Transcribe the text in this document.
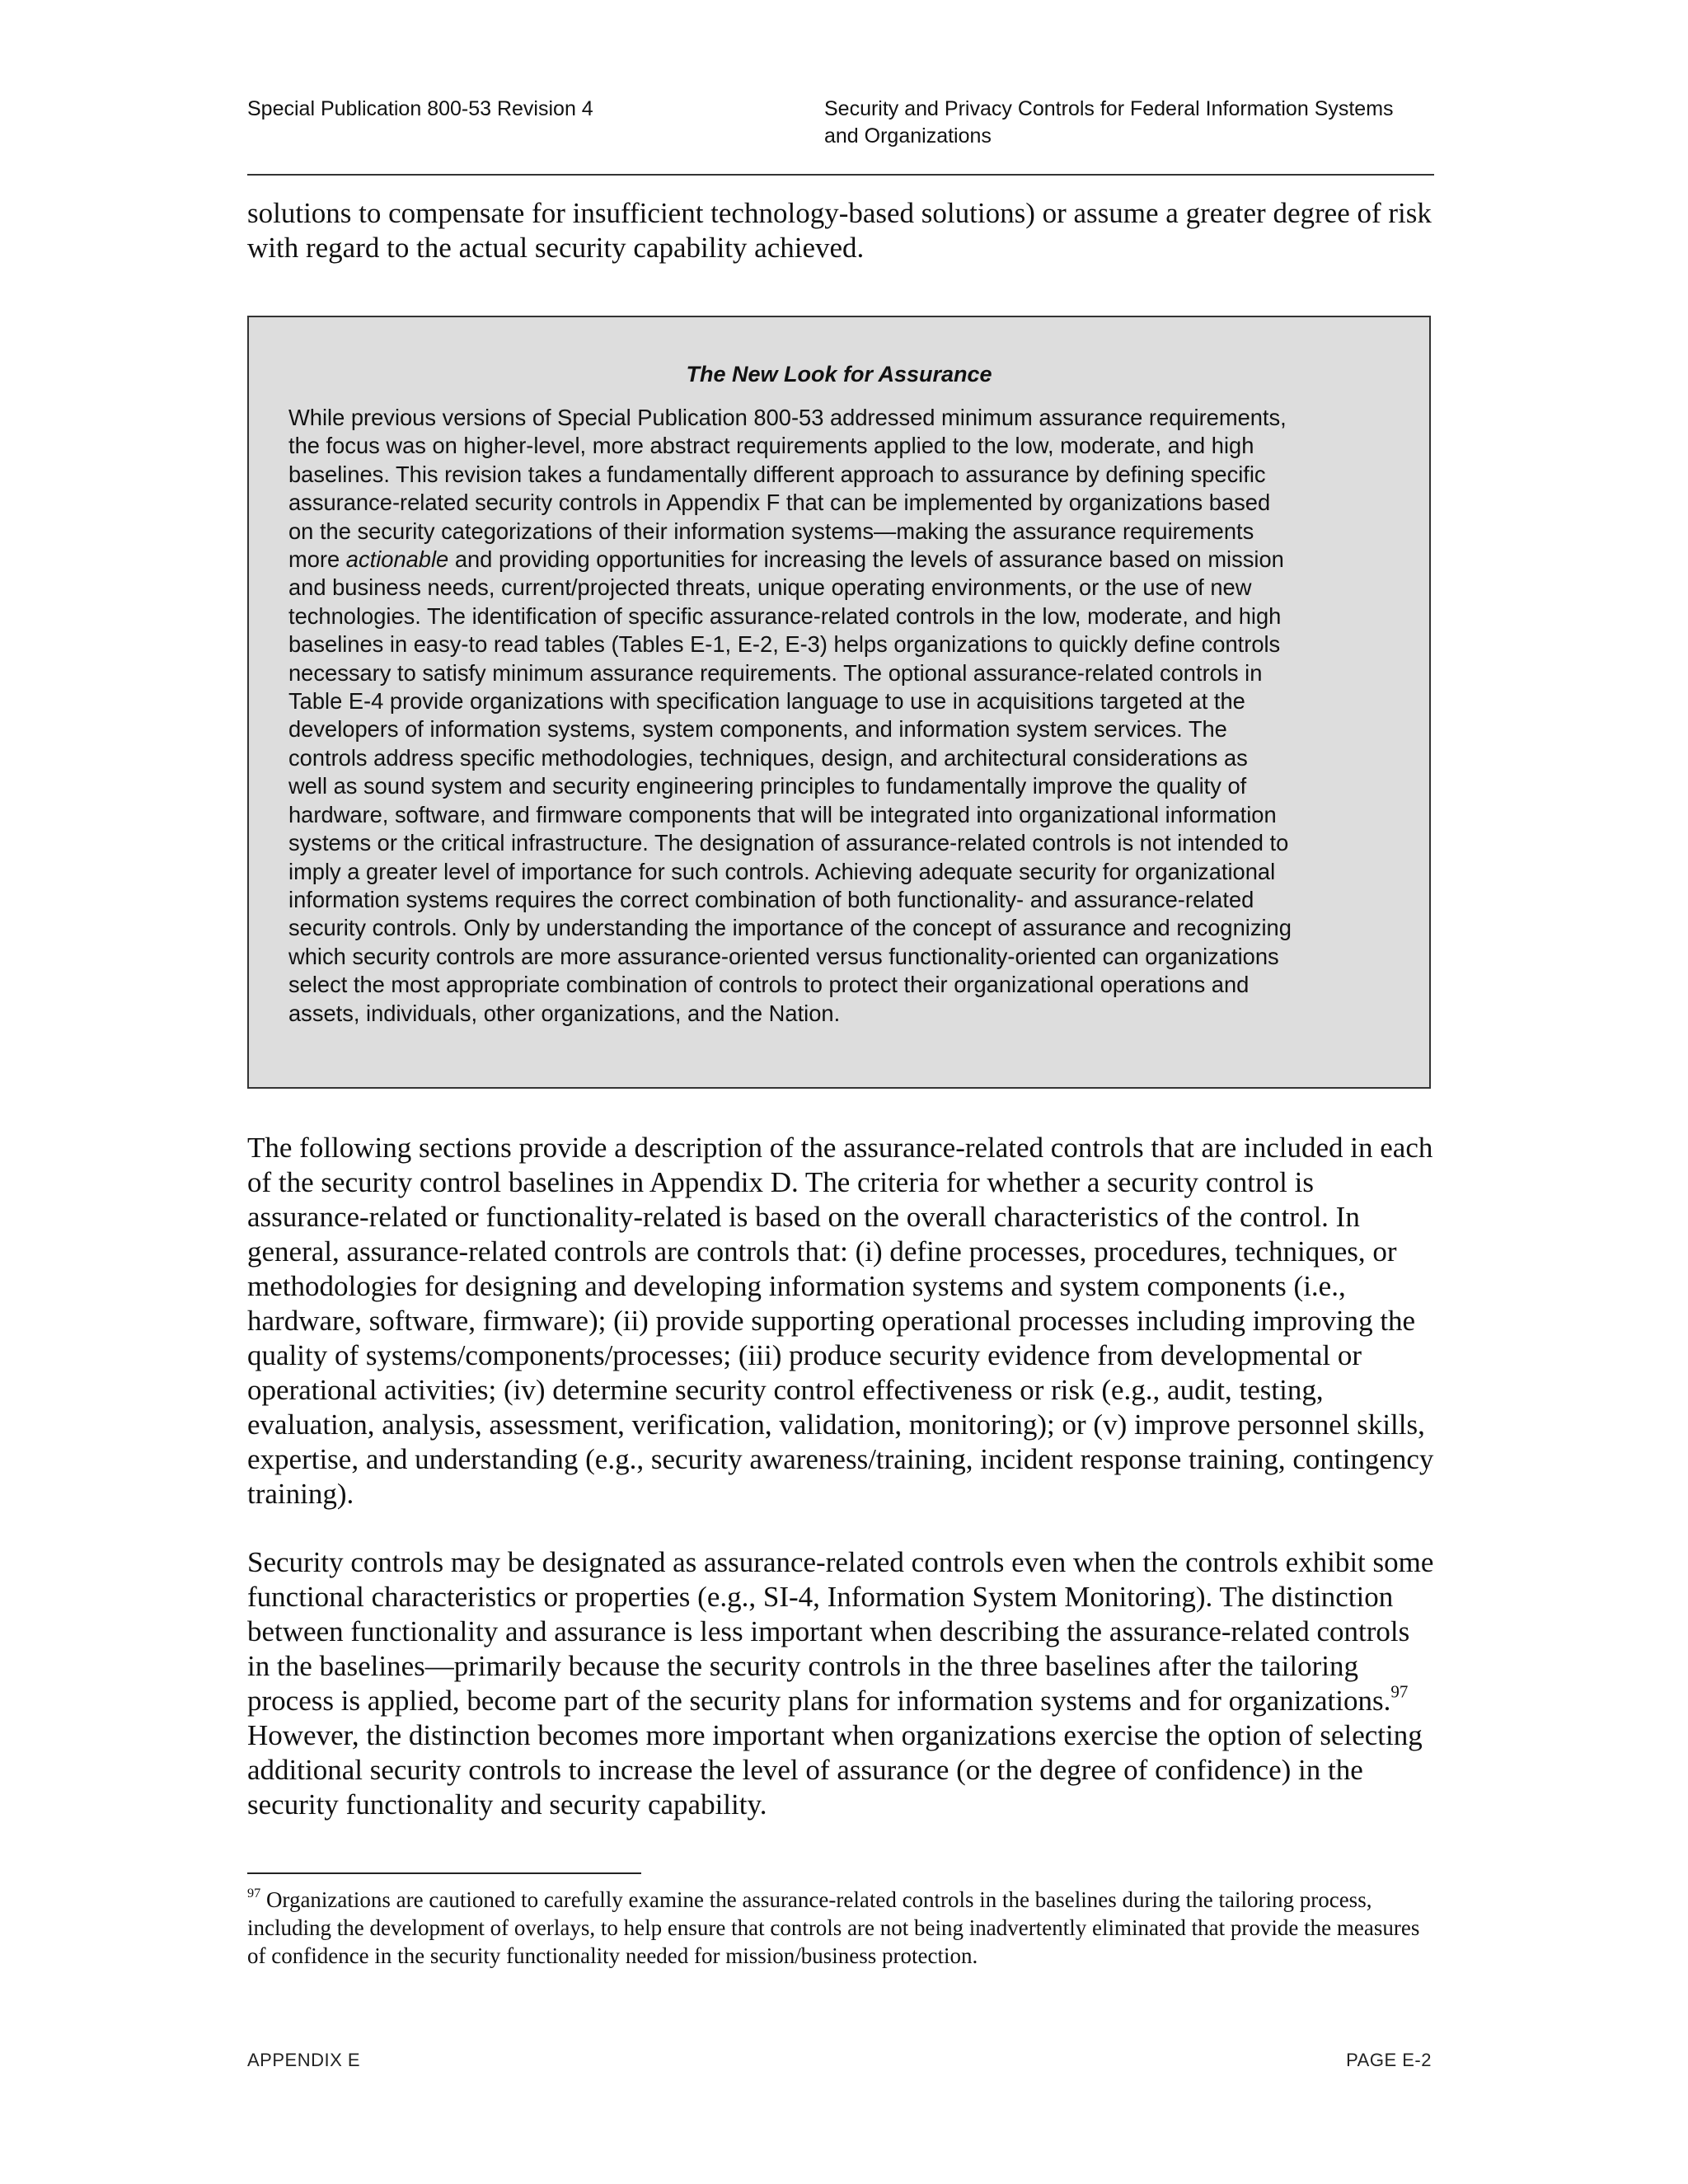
Special Publication 800-53 Revision 4	Security and Privacy Controls for Federal Information Systems
and Organizations
solutions to compensate for insufficient technology-based solutions) or assume a greater degree of risk with regard to the actual security capability achieved.
The New Look for Assurance
While previous versions of Special Publication 800-53 addressed minimum assurance requirements,
the focus was on higher-level, more abstract requirements applied to the low, moderate, and high
baselines. This revision takes a fundamentally different approach to assurance by defining specific
assurance-related security controls in Appendix F that can be implemented by organizations based
on the security categorizations of their information systems—making the assurance requirements
more actionable and providing opportunities for increasing the levels of assurance based on mission
and business needs, current/projected threats, unique operating environments, or the use of new
technologies. The identification of specific assurance-related controls in the low, moderate, and high
baselines in easy-to read tables (Tables E-1, E-2, E-3) helps organizations to quickly define controls
necessary to satisfy minimum assurance requirements. The optional assurance-related controls in
Table E-4 provide organizations with specification language to use in acquisitions targeted at the
developers of information systems, system components, and information system services. The
controls address specific methodologies, techniques, design, and architectural considerations as
well as sound system and security engineering principles to fundamentally improve the quality of
hardware, software, and firmware components that will be integrated into organizational information
systems or the critical infrastructure. The designation of assurance-related controls is not intended to
imply a greater level of importance for such controls. Achieving adequate security for organizational
information systems requires the correct combination of both functionality- and assurance-related
security controls. Only by understanding the importance of the concept of assurance and recognizing
which security controls are more assurance-oriented versus functionality-oriented can organizations
select the most appropriate combination of controls to protect their organizational operations and
assets, individuals, other organizations, and the Nation.
The following sections provide a description of the assurance-related controls that are included in each of the security control baselines in Appendix D. The criteria for whether a security control is assurance-related or functionality-related is based on the overall characteristics of the control. In general, assurance-related controls are controls that: (i) define processes, procedures, techniques, or methodologies for designing and developing information systems and system components (i.e., hardware, software, firmware); (ii) provide supporting operational processes including improving the quality of systems/components/processes; (iii) produce security evidence from developmental or operational activities; (iv) determine security control effectiveness or risk (e.g., audit, testing, evaluation, analysis, assessment, verification, validation, monitoring); or (v) improve personnel skills, expertise, and understanding (e.g., security awareness/training, incident response training, contingency training).
Security controls may be designated as assurance-related controls even when the controls exhibit some functional characteristics or properties (e.g., SI-4, Information System Monitoring). The distinction between functionality and assurance is less important when describing the assurance-related controls in the baselines—primarily because the security controls in the three baselines after the tailoring process is applied, become part of the security plans for information systems and for organizations.$^{97}$ However, the distinction becomes more important when organizations exercise the option of selecting additional security controls to increase the level of assurance (or the degree of confidence) in the security functionality and security capability.
$^{97}$ Organizations are cautioned to carefully examine the assurance-related controls in the baselines during the tailoring process, including the development of overlays, to help ensure that controls are not being inadvertently eliminated that provide the measures of confidence in the security functionality needed for mission/business protection.
APPENDIX E	PAGE E-2
